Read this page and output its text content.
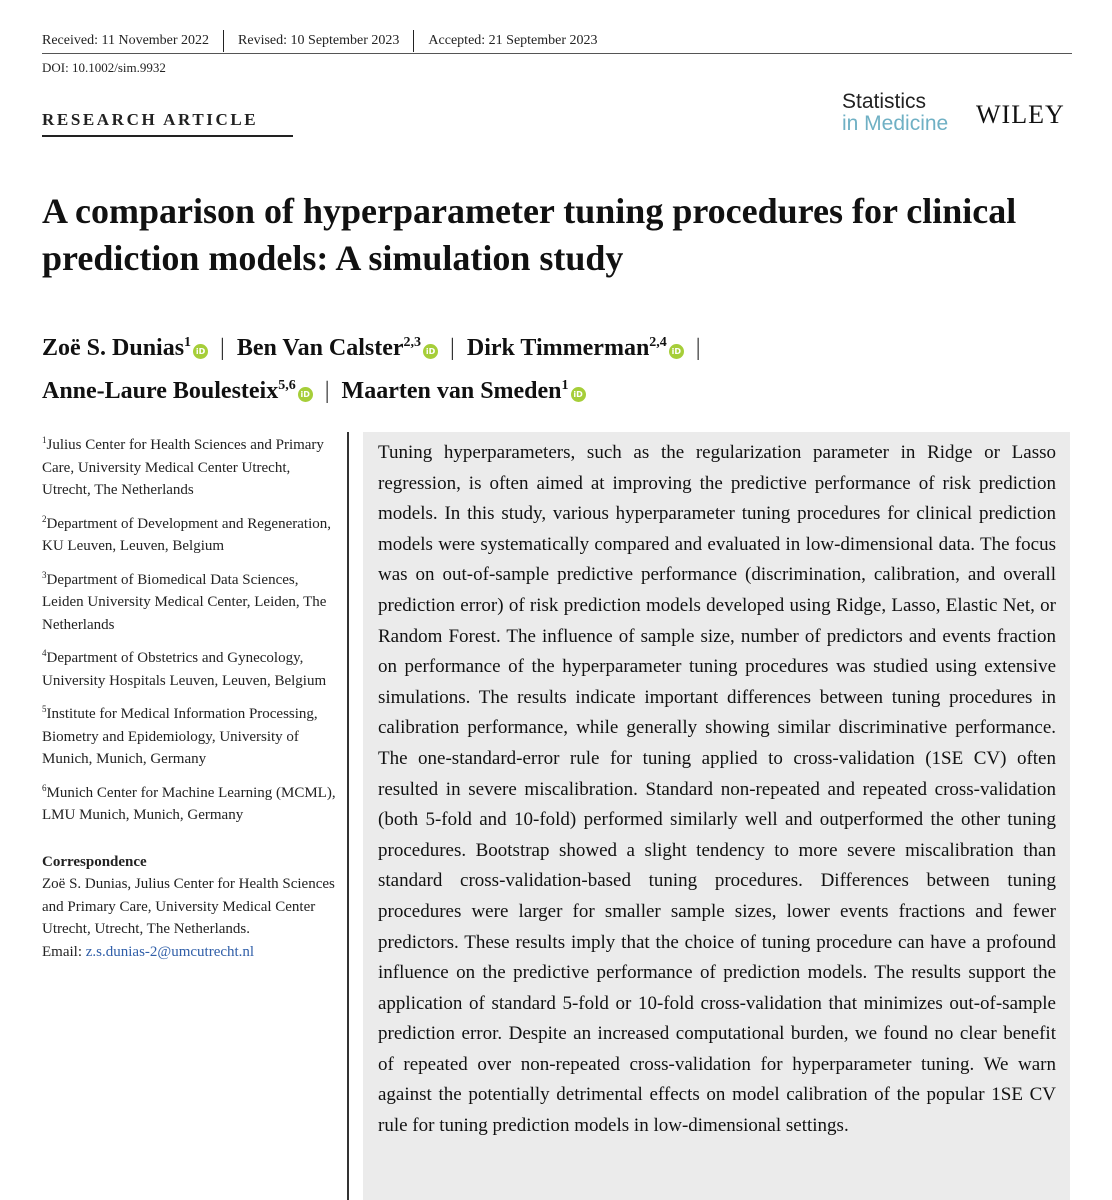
Received: 11 November 2022	Revised: 10 September 2023	Accepted: 21 September 2023
DOI: 10.1002/sim.9932
RESEARCH ARTICLE
Statistics
in Medicine WILEY
A comparison of hyperparameter tuning procedures for clinical prediction models: A simulation study
Zoë S. Dunias$^1$iD | Ben Van Calster$^{2,3}$iD | Dirk Timmerman$^{2,4}$iD |
Anne-Laure Boulesteix$^{5,6}$iD | Maarten van Smeden$^1$iD
$^1$Julius Center for Health Sciences and Primary Care, University Medical Center Utrecht, Utrecht, The Netherlands
$^2$Department of Development and Regeneration, KU Leuven, Leuven, Belgium
$^3$Department of Biomedical Data Sciences, Leiden University Medical Center, Leiden, The Netherlands
$^4$Department of Obstetrics and Gynecology, University Hospitals Leuven, Leuven, Belgium
$^5$Institute for Medical Information Processing, Biometry and Epidemiology, University of Munich, Munich, Germany
$^6$Munich Center for Machine Learning (MCML), LMU Munich, Munich, Germany
Correspondence
Zoë S. Dunias, Julius Center for Health Sciences and Primary Care, University Medical Center Utrecht, Utrecht, The Netherlands.
Email: z.s.dunias-2@umcutrecht.nl
Tuning hyperparameters, such as the regularization parameter in Ridge or Lasso regression, is often aimed at improving the predictive performance of risk prediction models. In this study, various hyperparameter tuning procedures for clinical prediction models were systematically compared and evaluated in low-dimensional data. The focus was on out-of-sample predictive performance (discrimination, calibration, and overall prediction error) of risk prediction models developed using Ridge, Lasso, Elastic Net, or Random Forest. The influence of sample size, number of predictors and events fraction on performance of the hyperparameter tuning procedures was studied using extensive simulations. The results indicate important differences between tuning procedures in calibration performance, while generally showing similar discriminative performance. The one-standard-error rule for tuning applied to cross-validation (1SE CV) often resulted in severe miscalibration. Standard non-repeated and repeated cross-validation (both 5-fold and 10-fold) performed similarly well and outperformed the other tuning procedures. Bootstrap showed a slight tendency to more severe miscalibration than standard cross-validation-based tuning procedures. Differences between tuning procedures were larger for smaller sample sizes, lower events fractions and fewer predictors. These results imply that the choice of tuning procedure can have a profound influence on the predictive performance of prediction models. The results support the application of standard 5-fold or 10-fold cross-validation that minimizes out-of-sample prediction error. Despite an increased computational burden, we found no clear benefit of repeated over non-repeated cross-validation for hyperparameter tuning. We warn against the potentially detrimental effects on model calibration of the popular 1SE CV rule for tuning prediction models in low-dimensional settings.
